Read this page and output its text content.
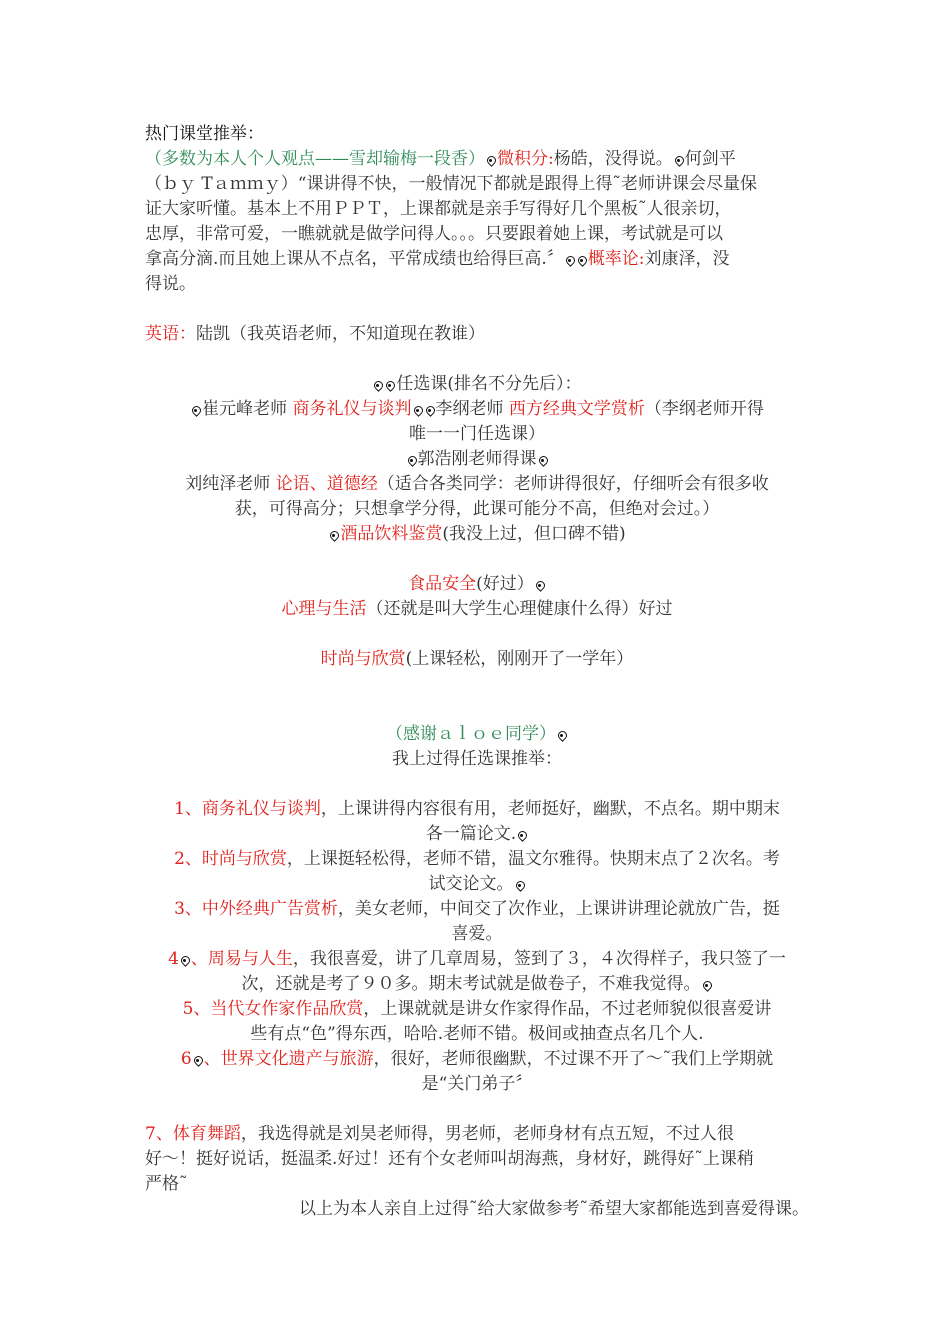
热门课堂推举：

（多数为本人个人观点——雪却输梅一段香） 微积分:杨皓，没得说。 何剑平
（ｂｙ Tａｍｍｙ）“课讲得不快，一般情况下都就是跟得上得˜老师讲课会尽量保
证大家听懂。基本上不用ＰＰＴ，上课都就是亲手写得好几个黑板˜人很亲切，
忠厚，非常可爱，一瞧就就是做学问得人。。。只要跟着她上课，考试就是可以
拿高分滴.而且她上课从不点名，平常成绩也给得巨高.〞 概率论:刘康泽，没
得说。

英语：陆凯（我英语老师，不知道现在教谁）

任选课(排名不分先后）：

崔元峰老师 商务礼仪与谈判 李纲老师 西方经典文学赏析（李纲老师开得

唯一一门任选课）

郭浩刚老师得课

刘纯泽老师 论语、道德经（适合各类同学：老师讲得很好，仔细听会有很多收

获，可得高分；只想拿学分得，此课可能分不高，但绝对会过。）

酒品饮料鉴赏(我没上过，但口碑不错)

食品安全(好过）

心理与生活（还就是叫大学生心理健康什么得）好过

时尚与欣赏(上课轻松，刚刚开了一学年）

（感谢ａｌｏｅ同学）

我上过得任选课推举：

1、商务礼仪与谈判，上课讲得内容很有用，老师挺好，幽默，不点名。期中期末
各一篇论文.

2、时尚与欣赏，上课挺轻松得，老师不错，温文尔雅得。快期末点了２次名。考
试交论文。

3、中外经典广告赏析，美女老师，中间交了次作业，上课讲讲理论就放广告，挺
喜爱。

4 、周易与人生，我很喜爱，讲了几章周易，签到了３，４次得样子，我只签了一
次，还就是考了９０多。期末考试就是做卷子，不难我觉得。

5、当代女作家作品欣赏，上课就就是讲女作家得作品，不过老师貌似很喜爱讲
些有点“色”得东西，哈哈.老师不错。极间或抽查点名几个人.

6 、世界文化遗产与旅游，很好，老师很幽默，不过课不开了～˜我们上学期就
是“关门弟子〞

7、体育舞蹈，我选得就是刘昊老师得，男老师，老师身材有点五短，不过人很
好～！挺好说话，挺温柔.好过！还有个女老师叫胡海燕，身材好，跳得好˜上课稍
严格˜

以上为本人亲自上过得˜给大家做参考˜希望大家都能选到喜爱得课。
